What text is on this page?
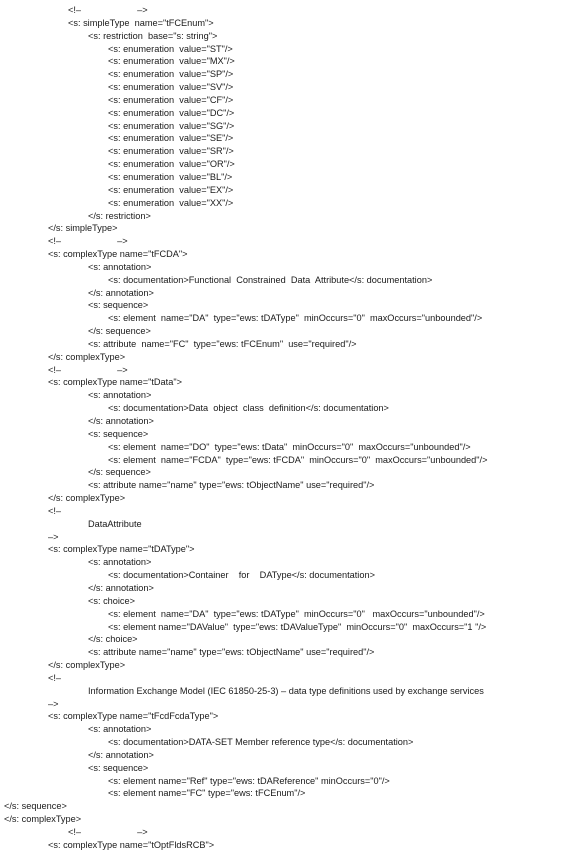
<!–                      –>
<s: simpleType  name="tFCEnum">
<s: restriction  base="s: string">
<s: enumeration  value="ST"/>
<s: enumeration  value="MX"/>
<s: enumeration  value="SP"/>
<s: enumeration  value="SV"/>
<s: enumeration  value="CF"/>
<s: enumeration  value="DC"/>
<s: enumeration  value="SG"/>
<s: enumeration  value="SE"/>
<s: enumeration  value="SR"/>
<s: enumeration  value="OR"/>
<s: enumeration  value="BL"/>
<s: enumeration  value="EX"/>
<s: enumeration  value="XX"/>
</s: restriction>
</s: simpleType>
<!–                      –>
<s: complexType name="tFCDA">
<s: annotation>
<s: documentation>Functional  Constrained  Data  Attribute</s: documentation>
</s: annotation>
<s: sequence>
<s: element  name="DA"  type="ews: tDAType"  minOccurs="0"  maxOccurs="unbounded"/>
</s: sequence>
<s: attribute  name="FC"  type="ews: tFCEnum"  use="required"/>
</s: complexType>
<!–                      –>
<s: complexType name="tData">
<s: annotation>
<s: documentation>Data  object  class  definition</s: documentation>
</s: annotation>
<s: sequence>
<s: element  name="DO"  type="ews: tData"  minOccurs="0"  maxOccurs="unbounded"/>
<s: element  name="FCDA"  type="ews: tFCDA"  minOccurs="0"  maxOccurs="unbounded"/>
</s: sequence>
<s: attribute name="name" type="ews: tObjectName" use="required"/>
</s: complexType>
<!–
DataAttribute
–>
<s: complexType name="tDAType">
<s: annotation>
<s: documentation>Container    for    DAType</s: documentation>
</s: annotation>
<s: choice>
<s: element  name="DA"  type="ews: tDAType"  minOccurs="0"   maxOccurs="unbounded"/>
<s: element name="DAValue"  type="ews: tDAValueType"  minOccurs="0"  maxOccurs="1 "/>
</s: choice>
<s: attribute name="name" type="ews: tObjectName" use="required"/>
</s: complexType>
<!–
Information Exchange Model (IEC 61850-25-3) – data type definitions used by exchange services
–>
<s: complexType name="tFcdFcdaType">
<s: annotation>
<s: documentation>DATA-SET Member reference type</s: documentation>
</s: annotation>
<s: sequence>
<s: element name="Ref" type="ews: tDAReference" minOccurs="0"/>
<s: element name="FC" type="ews: tFCEnum"/>
</s: sequence>
</s: complexType>
<!–                      –>
<s: complexType name="tOptFldsRCB">
